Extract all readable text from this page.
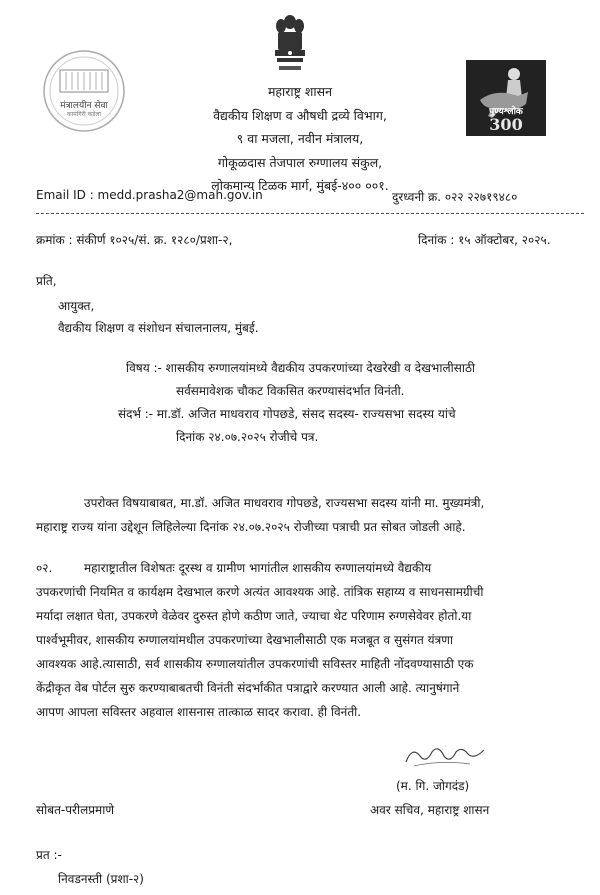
मंत्रालयीन सेवा
कामगिरी कडेला	पुण्यश्लोक
300
महाराष्ट्र शासन
वैद्यकीय शिक्षण व औषधी द्रव्ये विभाग,
९ वा मजला, नवीन मंत्रालय,
गोकूळदास तेजपाल रुग्णालय संकुल,
लोकमान्य टिळक मार्ग, मुंबई-४०० ००१.
Email ID : medd.prasha2@mah.gov.in	दुरध्वनी क्र. ०२२ २२७१९४८०
क्रमांक : संकीर्ण १०२५/सं. क्र. १२८०/प्रशा-२,	दिनांक : १५ ऑक्टोबर, २०२५.
प्रति,
आयुक्त,
वैद्यकीय शिक्षण व संशोधन संचालनालय, मुंबई.
विषय :- शासकीय रुग्णालयांमध्ये वैद्यकीय उपकरणांच्या देखरेखी व देखभालीसाठी
सर्वसमावेशक चौकट विकसित करण्यासंदर्भात विनंती.
संदर्भ :- मा.डॉ. अजित माधवराव गोपछडे, संसद सदस्य- राज्यसभा सदस्य यांचे
दिनांक २४.०७.२०२५ रोजीचे पत्र.
उपरोक्त विषयाबाबत, मा.डॉ. अजित माधवराव गोपछडे, राज्यसभा सदस्य यांनी मा. मुख्यमंत्री,
महाराष्ट्र राज्य यांना उद्देशून लिहिलेल्या दिनांक २४.०७.२०२५ रोजीच्या पत्राची प्रत सोबत जोडली आहे.
०२.	महाराष्ट्रातील विशेषतः दूरस्थ व ग्रामीण भागांतील शासकीय रुग्णालयांमध्ये वैद्यकीय
उपकरणांची नियमित व कार्यक्षम देखभाल करणे अत्यंत आवश्यक आहे. तांत्रिक सहाय्य व साधनसामग्रीची
मर्यादा लक्षात घेता, उपकरणे वेळेवर दुरुस्त होणे कठीण जाते, ज्याचा थेट परिणाम रुग्णसेवेवर होतो.या
पार्श्वभूमीवर, शासकीय रुग्णालयांमधील उपकरणांच्या देखभालीसाठी एक मजबूत व सुसंगत यंत्रणा
आवश्यक आहे.त्यासाठी, सर्व शासकीय रुग्णालयांतील उपकरणांची सविस्तर माहिती नोंदवण्यासाठी एक
केंद्रीकृत वेब पोर्टल सुरु करण्याबाबतची विनंती संदर्भांकीत पत्राद्वारे करण्यात आली आहे. त्यानुषंगाने
आपण आपला सविस्तर अहवाल शासनास तात्काळ सादर करावा. ही विनंती.
(म. गि. जोगदंड)
सोबत-परीलप्रमाणे	अवर सचिव, महाराष्ट्र शासन
प्रत :-
निवडनस्ती (प्रशा-२)
